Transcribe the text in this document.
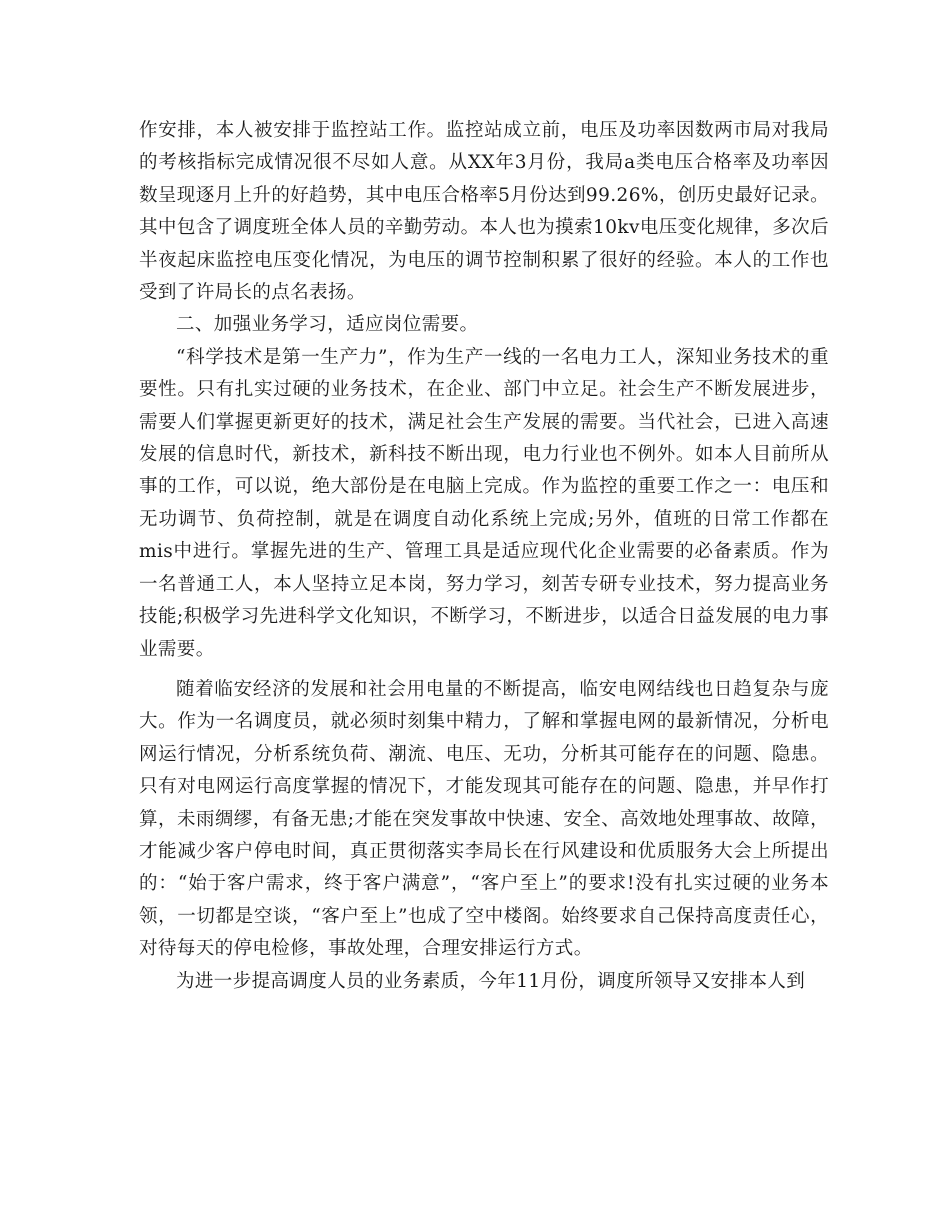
作安排，本人被安排于监控站工作。监控站成立前，电压及功率因数两市局对我局的考核指标完成情况很不尽如人意。从XX年3月份，我局a类电压合格率及功率因数呈现逐月上升的好趋势，其中电压合格率5月份达到99.26%，创历史最好记录。其中包含了调度班全体人员的辛勤劳动。本人也为摸索10kv电压变化规律，多次后半夜起床监控电压变化情况，为电压的调节控制积累了很好的经验。本人的工作也受到了许局长的点名表扬。

二、加强业务学习，适应岗位需要。

“科学技术是第一生产力”，作为生产一线的一名电力工人，深知业务技术的重要性。只有扎实过硬的业务技术，在企业、部门中立足。社会生产不断发展进步，需要人们掌握更新更好的技术，满足社会生产发展的需要。当代社会，已进入高速发展的信息时代，新技术，新科技不断出现，电力行业也不例外。如本人目前所从事的工作，可以说，绝大部份是在电脑上完成。作为监控的重要工作之一：电压和无功调节、负荷控制，就是在调度自动化系统上完成;另外，值班的日常工作都在mis中进行。掌握先进的生产、管理工具是适应现代化企业需要的必备素质。作为一名普通工人，本人坚持立足本岗，努力学习，刻苦专研专业技术，努力提高业务技能;积极学习先进科学文化知识，不断学习，不断进步，以适合日益发展的电力事业需要。

随着临安经济的发展和社会用电量的不断提高，临安电网结线也日趋复杂与庞大。作为一名调度员，就必须时刻集中精力，了解和掌握电网的最新情况，分析电网运行情况，分析系统负荷、潮流、电压、无功，分析其可能存在的问题、隐患。只有对电网运行高度掌握的情况下，才能发现其可能存在的问题、隐患，并早作打算，未雨绸缪，有备无患;才能在突发事故中快速、安全、高效地处理事故、故障，才能减少客户停电时间，真正贯彻落实李局长在行风建设和优质服务大会上所提出的：“始于客户需求，终于客户满意”，“客户至上”的要求!没有扎实过硬的业务本领，一切都是空谈，“客户至上”也成了空中楼阁。始终要求自己保持高度责任心，对待每天的停电检修，事故处理，合理安排运行方式。

为进一步提高调度人员的业务素质，今年11月份，调度所领导又安排本人到
